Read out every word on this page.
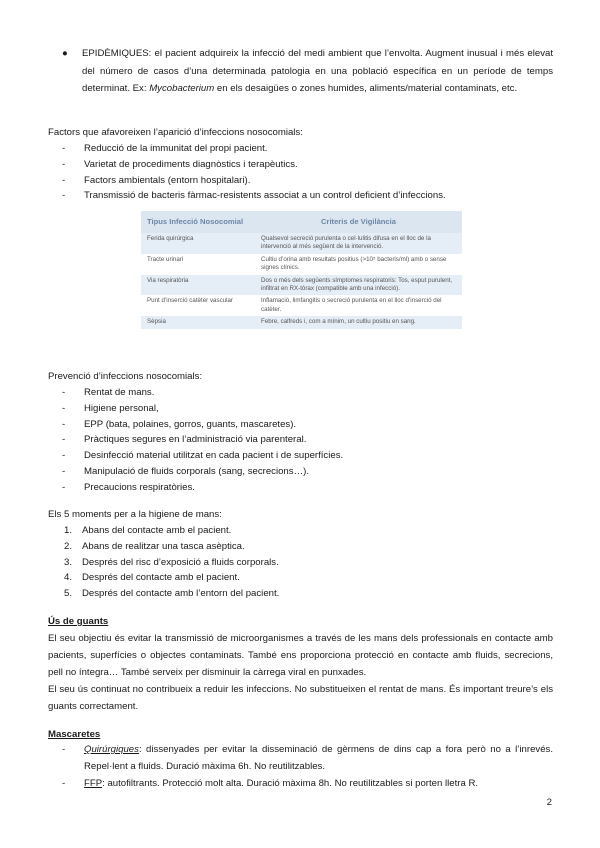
●	EPIDÈMIQUES: el pacient adquireix la infecció del medi ambient que l’envolta. Augment inusual i més elevat del número de casos d’una determinada patologia en una població específica en un període de temps determinat. Ex: Mycobacterium en els desaigües o zones humides, aliments/material contaminats, etc.
Factors que afavoreixen l’aparició d’infeccions nosocomials:
- Reducció de la immunitat del propi pacient.
- Varietat de procediments diagnòstics i terapèutics.
- Factors ambientals (entorn hospitalari).
- Transmissió de bacteris fàrmac-resistents associat a un control deficient d’infeccions.
Tipus Infecció Nosocomial	Criteris de Vigilància
Ferida quirúrgica	Qualsevol secreció purulenta o cel·lulitis difusa en el lloc de la intervenció al més següent de la intervenció.
Tracte urinari	Cultiu d’orina amb resultats positius (>10⁵ bacteris/ml) amb o sense signes clínics.
Via respiratòria	Dos o més dels següents símptomes respiratoris: Tos, esput purulent, infiltrat en RX-tòrax (compatible amb una infecció).
Punt d’inserció catèter vascular	Inflamació, limfangitis o secreció purulenta en el lloc d’inserció del catèter.
Sèpsia	Febre, calfreds i, com a mínim, un cultiu positiu en sang.
Prevenció d’infeccions nosocomials:
- Rentat de mans.
- Higiene personal,
- EPP (bata, polaines, gorros, guants, mascaretes).
- Pràctiques segures en l’administració via parenteral.
- Desinfecció material utilitzat en cada pacient i de superfícies.
- Manipulació de fluids corporals (sang, secrecions…).
- Precaucions respiratòries.
Els 5 moments per a la higiene de mans:
1. Abans del contacte amb el pacient.
2. Abans de realitzar una tasca asèptica.
3. Després del risc d’exposició a fluids corporals.
4. Després del contacte amb el pacient.
5. Després del contacte amb l’entorn del pacient.
Ús de guants
El seu objectiu és evitar la transmissió de microorganismes a través de les mans dels professionals en contacte amb pacients, superfícies o objectes contaminats. També ens proporciona protecció en contacte amb fluids, secrecions, pell no íntegra… També serveix per disminuir la càrrega viral en punxades.
El seu ús continuat no contribueix a reduir les infeccions. No substitueixen el rentat de mans. És important treure’s els guants correctament.
Mascaretes
- Quirúrgiques: dissenyades per evitar la disseminació de gèrmens de dins cap a fora però no a l’inrevés. Repel·lent a fluids. Duració màxima 6h. No reutilitzables.
- FFP: autofiltrants. Protecció molt alta. Duració màxima 8h. No reutilitzables si porten lletra R.
2
